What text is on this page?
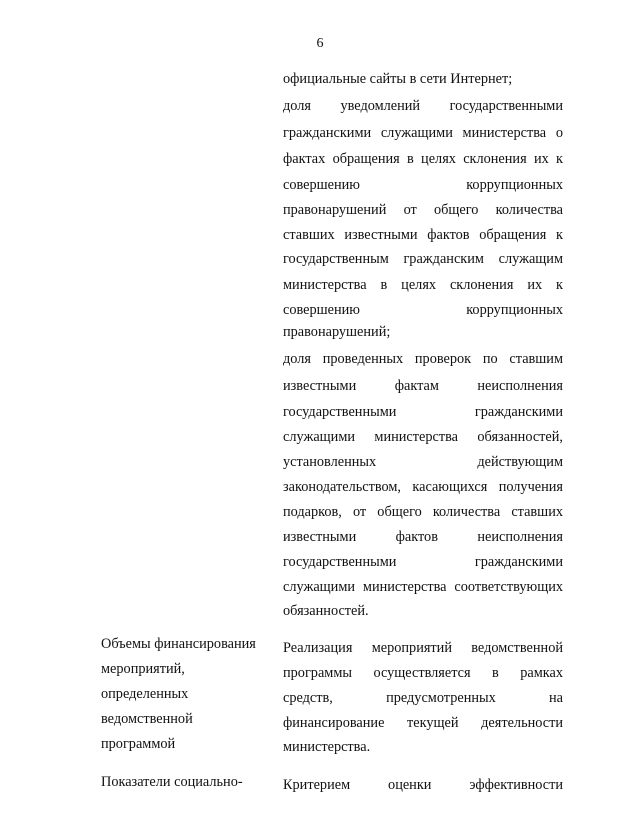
6
официальные сайты в сети Интернет;
доля уведомлений государственными
гражданскими служащими министерства о
фактах обращения в целях склонения их к
совершению коррупционных
правонарушений от общего количества
ставших известными фактов обращения к
государственным гражданским служащим
министерства в целях склонения их к
совершению коррупционных
правонарушений;
доля проведенных проверок по ставшим
известными фактам неисполнения
государственными гражданскими
служащими министерства обязанностей,
установленных действующим
законодательством, касающихся получения
подарков, от общего количества ставших
известными фактов неисполнения
государственными гражданскими
служащими министерства соответствующих
обязанностей.
Объемы финансирования
мероприятий,
определенных
ведомственной
программой
Реализация мероприятий ведомственной
программы осуществляется в рамках
средств, предусмотренных на
финансирование текущей деятельности
министерства.
Показатели социально-	Критерием оценки эффективности
